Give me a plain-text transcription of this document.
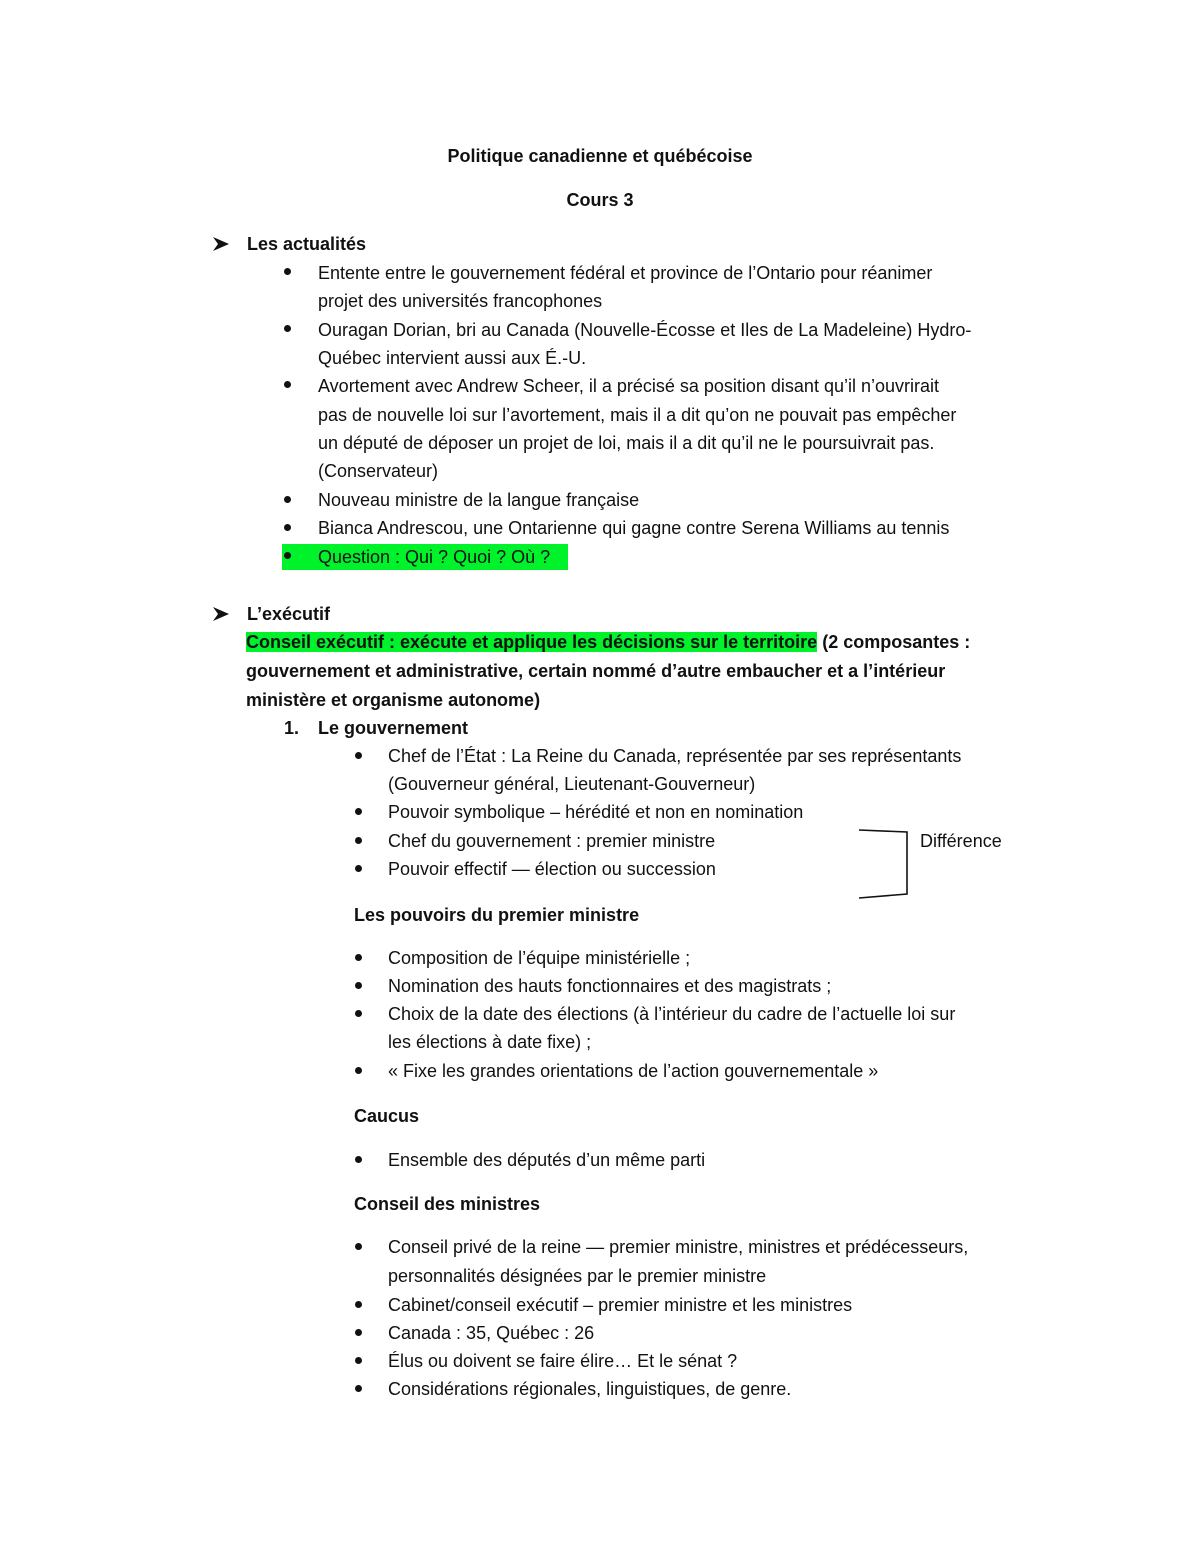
Politique canadienne et québécoise
Cours 3
Les actualités
Entente entre le gouvernement fédéral et province de l’Ontario pour réanimer
projet des universités francophones
Ouragan Dorian, bri au Canada (Nouvelle-Écosse et Iles de La Madeleine) Hydro-
Québec intervient aussi aux É.-U.
Avortement avec Andrew Scheer, il a précisé sa position disant qu’il n’ouvrirait
pas de nouvelle loi sur l’avortement, mais il a dit qu’on ne pouvait pas empêcher
un député de déposer un projet de loi, mais il a dit qu’il ne le poursuivrait pas.
(Conservateur)
Nouveau ministre de la langue française
Bianca Andrescou, une Ontarienne qui gagne contre Serena Williams au tennis
Question : Qui ? Quoi ? Où ?
L’exécutif
Conseil exécutif : exécute et applique les décisions sur le territoire (2 composantes :
gouvernement et administrative, certain nommé d’autre embaucher et a l’intérieur
ministère et organisme autonome)
1. Le gouvernement
Chef de l’État : La Reine du Canada, représentée par ses représentants
(Gouverneur général, Lieutenant-Gouverneur)
Pouvoir symbolique – hérédité et non en nomination
Chef du gouvernement : premier ministre
Pouvoir effectif — élection ou succession
Différence
Les pouvoirs du premier ministre
Composition de l’équipe ministérielle ;
Nomination des hauts fonctionnaires et des magistrats ;
Choix de la date des élections (à l’intérieur du cadre de l’actuelle loi sur
les élections à date fixe) ;
« Fixe les grandes orientations de l’action gouvernementale »
Caucus
Ensemble des députés d’un même parti
Conseil des ministres
Conseil privé de la reine — premier ministre, ministres et prédécesseurs,
personnalités désignées par le premier ministre
Cabinet/conseil exécutif – premier ministre et les ministres
Canada : 35, Québec : 26
Élus ou doivent se faire élire… Et le sénat ?
Considérations régionales, linguistiques, de genre.
